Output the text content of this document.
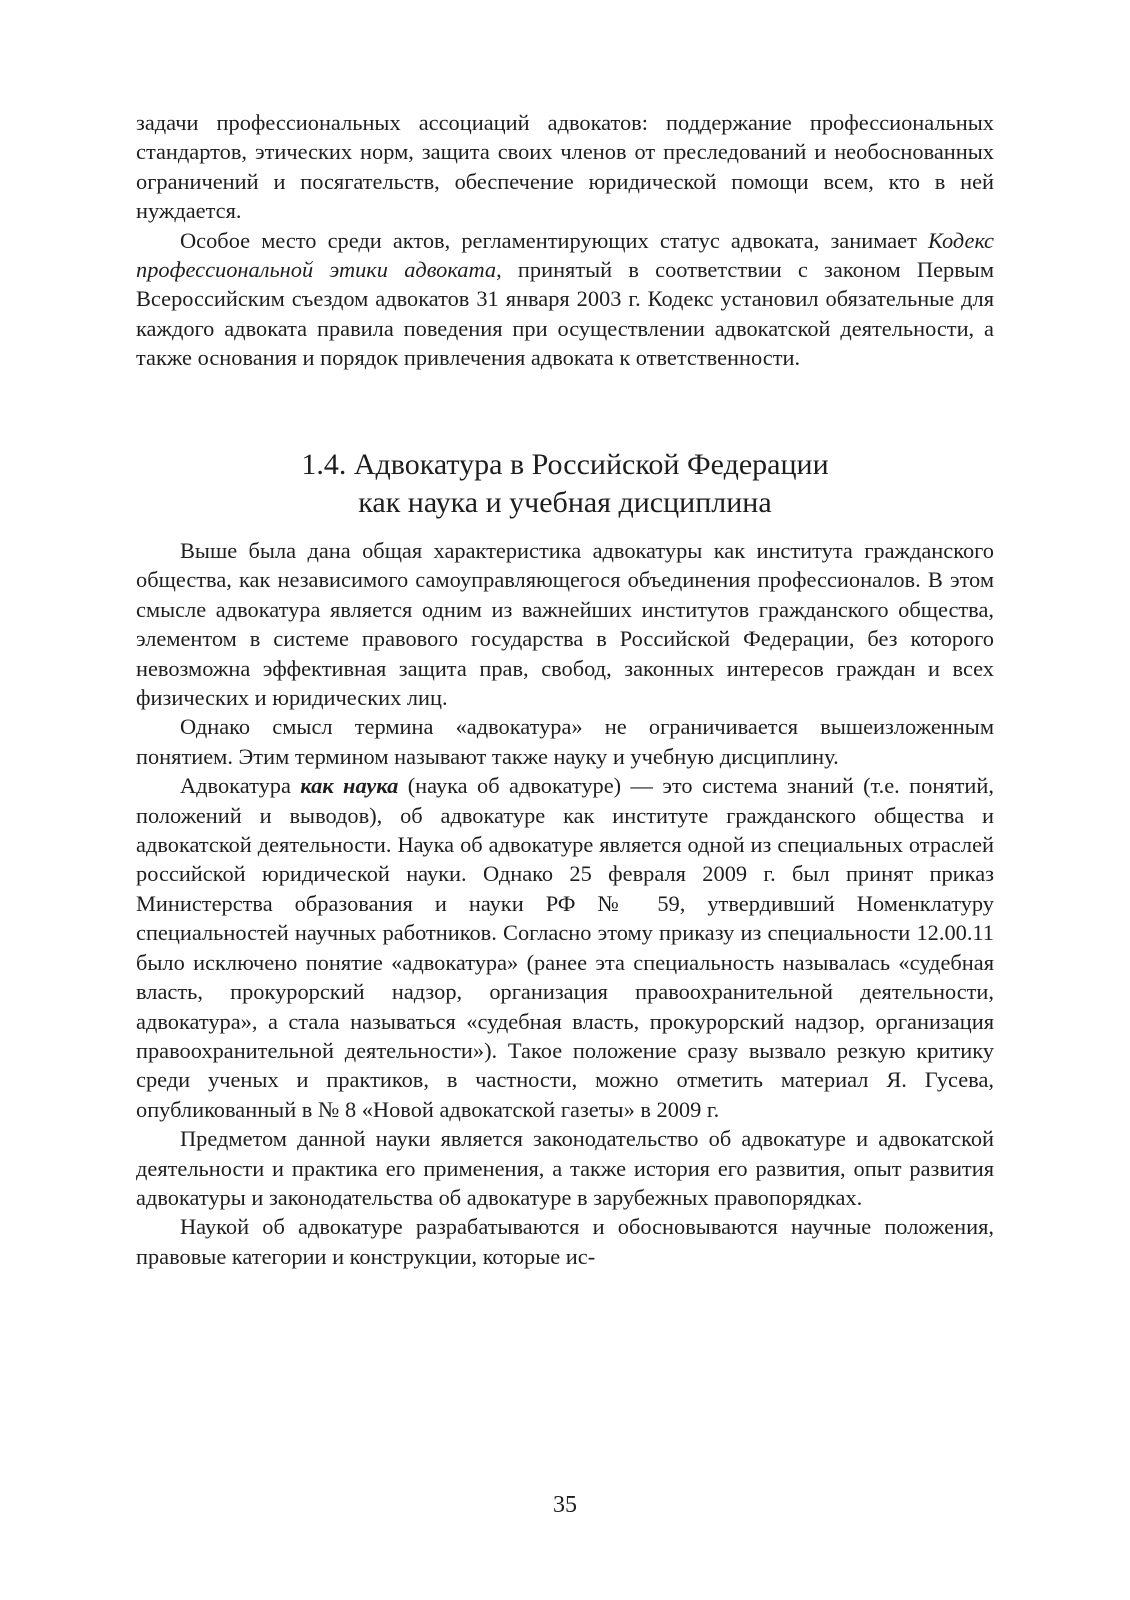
задачи профессиональных ассоциаций адвокатов: поддержание профессиональных стандартов, этических норм, защита своих членов от преследований и необоснованных ограничений и посягательств, обеспечение юридической помощи всем, кто в ней нуждается.

Особое место среди актов, регламентирующих статус адвоката, занимает Кодекс профессиональной этики адвоката, принятый в соответствии с законом Первым Всероссийским съездом адвокатов 31 января 2003 г. Кодекс установил обязательные для каждого адвоката правила поведения при осуществлении адвокатской деятельности, а также основания и порядок привлечения адвоката к ответственности.

1.4. Адвокатура в Российской Федерации
как наука и учебная дисциплина

Выше была дана общая характеристика адвокатуры как института гражданского общества, как независимого самоуправляющегося объединения профессионалов. В этом смысле адвокатура является одним из важнейших институтов гражданского общества, элементом в системе правового государства в Российской Федерации, без которого невозможна эффективная защита прав, свобод, законных интересов граждан и всех физических и юридических лиц.

Однако смысл термина «адвокатура» не ограничивается вышеизложенным понятием. Этим термином называют также науку и учебную дисциплину.

Адвокатура как наука (наука об адвокатуре) — это система знаний (т.е. понятий, положений и выводов), об адвокатуре как институте гражданского общества и адвокатской деятельности. Наука об адвокатуре является одной из специальных отраслей российской юридической науки. Однако 25 февраля 2009 г. был принят приказ Министерства образования и науки РФ № 59, утвердивший Номенклатуру специальностей научных работников. Согласно этому приказу из специальности 12.00.11 было исключено понятие «адвокатура» (ранее эта специальность называлась «судебная власть, прокурорский надзор, организация правоохранительной деятельности, адвокатура», а стала называться «судебная власть, прокурорский надзор, организация правоохранительной деятельности»). Такое положение сразу вызвало резкую критику среди ученых и практиков, в частности, можно отметить материал Я. Гусева, опубликованный в № 8 «Новой адвокатской газеты» в 2009 г.

Предметом данной науки является законодательство об адвокатуре и адвокатской деятельности и практика его применения, а также история его развития, опыт развития адвокатуры и законодательства об адвокатуре в зарубежных правопорядках.

Наукой об адвокатуре разрабатываются и обосновываются научные положения, правовые категории и конструкции, которые ис-

35
